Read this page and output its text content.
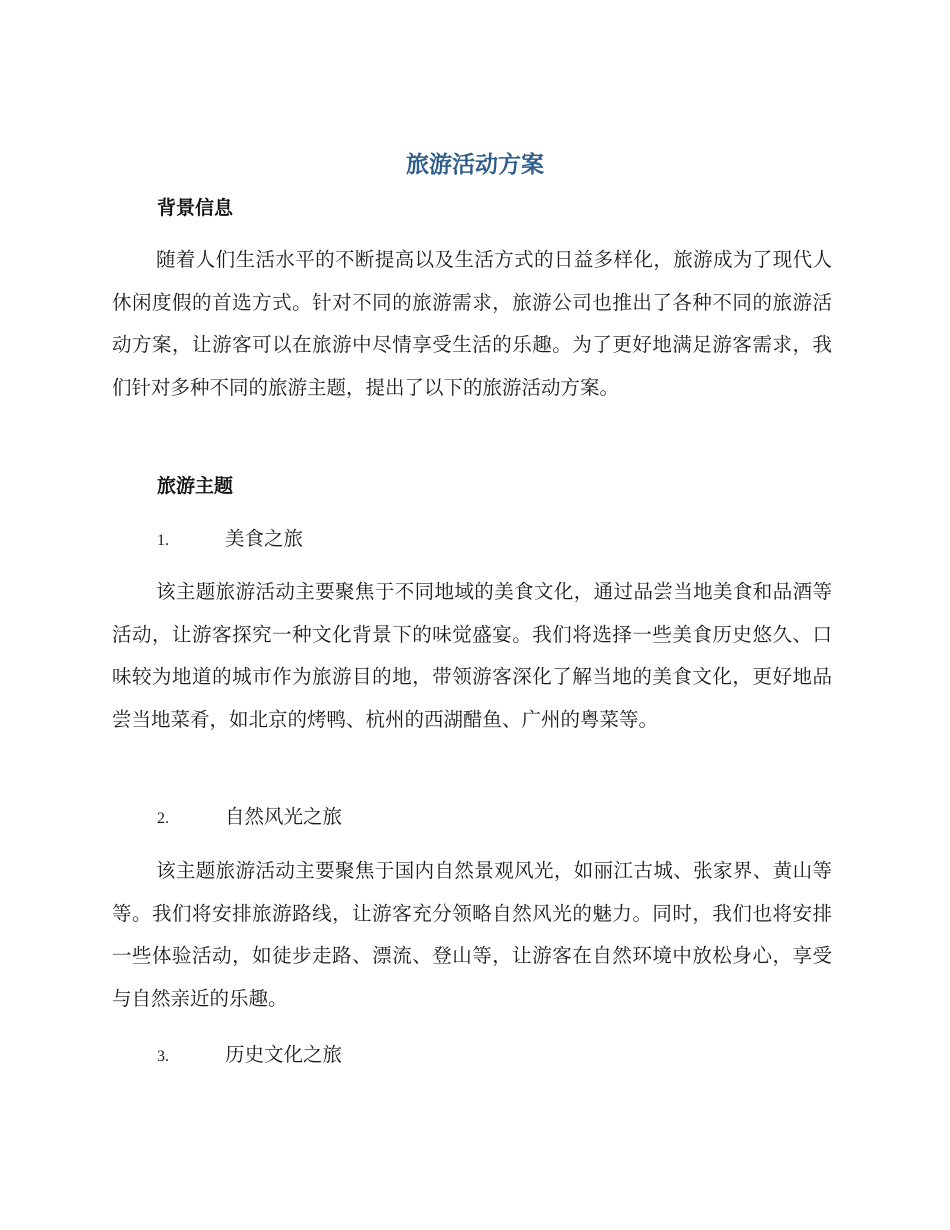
旅游活动方案
背景信息

随着人们生活水平的不断提高以及生活方式的日益多样化，旅游成为了现代人休闲度假的首选方式。针对不同的旅游需求，旅游公司也推出了各种不同的旅游活动方案，让游客可以在旅游中尽情享受生活的乐趣。为了更好地满足游客需求，我们针对多种不同的旅游主题，提出了以下的旅游活动方案。

旅游主题
1.	美食之旅

该主题旅游活动主要聚焦于不同地域的美食文化，通过品尝当地美食和品酒等活动，让游客探究一种文化背景下的味觉盛宴。我们将选择一些美食历史悠久、口味较为地道的城市作为旅游目的地，带领游客深化了解当地的美食文化，更好地品尝当地菜肴，如北京的烤鸭、杭州的西湖醋鱼、广州的粤菜等。

2.	自然风光之旅

该主题旅游活动主要聚焦于国内自然景观风光，如丽江古城、张家界、黄山等等。我们将安排旅游路线，让游客充分领略自然风光的魅力。同时，我们也将安排一些体验活动，如徒步走路、漂流、登山等，让游客在自然环境中放松身心，享受与自然亲近的乐趣。

3.	历史文化之旅
